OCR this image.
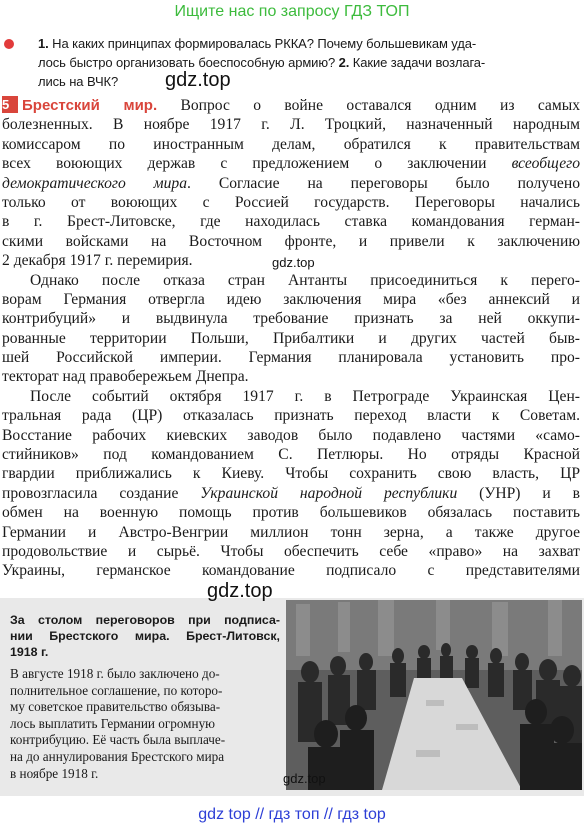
Ищите нас по запросу ГДЗ ТОП
1. На каких принципах формировалась РККА? Почему большевикам уда-
лось быстро организовать боеспособную армию? 2. Какие задачи возлага-
лись на ВЧК?	gdz.top
5 Брестский мир. Вопрос о войне оставался одним из самых
болезненных. В ноябре 1917 г. Л. Троцкий, назначенный народным
комиссаром по иностранным делам, обратился к правительствам
всех воюющих держав с предложением о заключении всеобщего
демократического мира. Согласие на переговоры было получено
только от воюющих с Россией государств. Переговоры начались
в г. Брест-Литовске, где находилась ставка командования герман-
скими войсками на Восточном фронте, и привели к заключению
2 декабря 1917 г. перемирия.
Однако после отказа стран Антанты присоединиться к перего-
ворам Германия отвергла идею заключения мира «без аннексий и
контрибуций» и выдвинула требование признать за ней оккупи-
рованные территории Польши, Прибалтики и других частей быв-
шей Российской империи. Германия планировала установить про-
текторат над правобережьем Днепра.
После событий октября 1917 г. в Петрограде Украинская Цен-
тральная рада (ЦР) отказалась признать переход власти к Советам.
Восстание рабочих киевских заводов было подавлено частями «само-
стийников» под командованием С. Петлюры. Но отряды Красной
гвардии приближались к Киеву. Чтобы сохранить свою власть, ЦР
провозгласила создание Украинской народной республики (УНР) и в
обмен на военную помощь против большевиков обязалась поставить
Германии и Австро-Венгрии миллион тонн зерна, а также другое
продовольствие и сырьё. Чтобы обеспечить себе «право» на захват
Украины, германское командование подписало с представителями
gdz.top
За столом переговоров при подписа-
нии Брестского мира. Брест-Литовск,
1918 г.
В августе 1918 г. было заключено до-
полнительное соглашение, по которо-
му советское правительство обязыва-
лось выплатить Германии огромную
контрибуцию. Её часть была выплаче-
на до аннулирования Брестского мира
в ноябре 1918 г.
gdz.top
gdz.top
gdz top // гдз топ // гдз top
